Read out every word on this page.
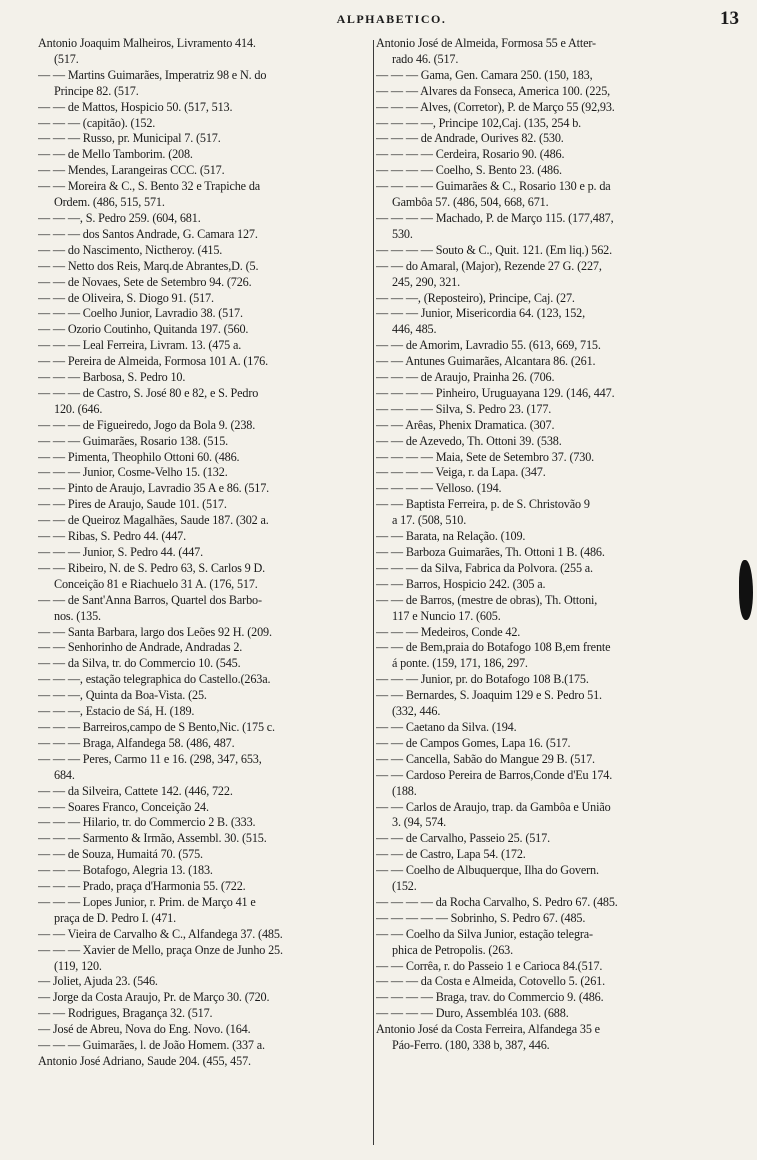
ALPHABETICO.	13
Antonio Joaquim Malheiros, Livramento 414.
(517.
— — Martins Guimarães, Imperatriz 98 e N. do
Principe 82. (517.
— — de Mattos, Hospicio 50. (517, 513.
— — — (capitão). (152.
— — — Russo, pr. Municipal 7. (517.
— — de Mello Tamborim. (208.
— — Mendes, Larangeiras CCC. (517.
— — Moreira & C., S. Bento 32 e Trapiche da
Ordem. (486, 515, 571.
— — —, S. Pedro 259. (604, 681.
— — — dos Santos Andrade, G. Camara 127.
— — do Nascimento, Nictheroy. (415.
— — Netto dos Reis, Marq.de Abrantes,D. (5.
— — de Novaes, Sete de Setembro 94. (726.
— — de Oliveira, S. Diogo 91. (517.
— — — Coelho Junior, Lavradio 38. (517.
— — Ozorio Coutinho, Quitanda 197. (560.
— — — Leal Ferreira, Livram. 13. (475 a.
— — Pereira de Almeida, Formosa 101 A. (176.
— — — Barbosa, S. Pedro 10.
— — — de Castro, S. José 80 e 82, e S. Pedro
120. (646.
— — — de Figueiredo, Jogo da Bola 9. (238.
— — — Guimarães, Rosario 138. (515.
— — Pimenta, Theophilo Ottoni 60. (486.
— — — Junior, Cosme-Velho 15. (132.
— — Pinto de Araujo, Lavradio 35 A e 86. (517.
— — Pires de Araujo, Saude 101. (517.
— — de Queiroz Magalhães, Saude 187. (302 a.
— — Ribas, S. Pedro 44. (447.
— — — Junior, S. Pedro 44. (447.
— — Ribeiro, N. de S. Pedro 63, S. Carlos 9 D.
Conceição 81 e Riachuelo 31 A. (176, 517.
— — de Sant'Anna Barros, Quartel dos Barbo-
nos. (135.
— — Santa Barbara, largo dos Leões 92 H. (209.
— — Senhorinho de Andrade, Andradas 2.
— — da Silva, tr. do Commercio 10. (545.
— — —, estação telegraphica do Castello.(263a.
— — —, Quinta da Boa-Vista. (25.
— — —, Estacio de Sá, H. (189.
— — — Barreiros,campo de S Bento,Nic. (175 c.
— — — Braga, Alfandega 58. (486, 487.
— — — Peres, Carmo 11 e 16. (298, 347, 653,
684.
— — da Silveira, Cattete 142. (446, 722.
— — Soares Franco, Conceição 24.
— — — Hilario, tr. do Commercio 2 B. (333.
— — — Sarmento & Irmão, Assembl. 30. (515.
— — de Souza, Humaitá 70. (575.
— — — Botafogo, Alegria 13. (183.
— — — Prado, praça d'Harmonia 55. (722.
— — — Lopes Junior, r. Prim. de Março 41 e
praça de D. Pedro I. (471.
— — Vieira de Carvalho & C., Alfandega 37. (485.
— — — Xavier de Mello, praça Onze de Junho 25.
(119, 120.
— Joliet, Ajuda 23. (546.
— Jorge da Costa Araujo, Pr. de Março 30. (720.
— — Rodrigues, Bragança 32. (517.
— José de Abreu, Nova do Eng. Novo. (164.
— — — Guimarães, l. de João Homem. (337 a.
Antonio José Adriano, Saude 204. (455, 457.
Antonio José de Almeida, Formosa 55 e Atter-
rado 46. (517.
— — — Gama, Gen. Camara 250. (150, 183,
— — — Alvares da Fonseca, America 100. (225,
— — — Alves, (Corretor), P. de Março 55 (92,93.
— — — —, Principe 102,Caj. (135, 254 b.
— — — de Andrade, Ourives 82. (530.
— — — — Cerdeira, Rosario 90. (486.
— — — — Coelho, S. Bento 23. (486.
— — — — Guimarães & C., Rosario 130 e p. da
Gambôa 57. (486, 504, 668, 671.
— — — — Machado, P. de Março 115. (177,487,
530.
— — — — Souto & C., Quit. 121. (Em liq.) 562.
— — do Amaral, (Major), Rezende 27 G. (227,
245, 290, 321.
— — —, (Reposteiro), Principe, Caj. (27.
— — — Junior, Misericordia 64. (123, 152,
446, 485.
— — de Amorim, Lavradio 55. (613, 669, 715.
— — Antunes Guimarães, Alcantara 86. (261.
— — — de Araujo, Prainha 26. (706.
— — — — Pinheiro, Uruguayana 129. (146, 447.
— — — — Silva, S. Pedro 23. (177.
— — Arêas, Phenix Dramatica. (307.
— — de Azevedo, Th. Ottoni 39. (538.
— — — — Maia, Sete de Setembro 37. (730.
— — — — Veiga, r. da Lapa. (347.
— — — — Velloso. (194.
— — Baptista Ferreira, p. de S. Christovão 9
a 17. (508, 510.
— — Barata, na Relação. (109.
— — Barboza Guimarães, Th. Ottoni 1 B. (486.
— — — da Silva, Fabrica da Polvora. (255 a.
— — Barros, Hospicio 242. (305 a.
— — de Barros, (mestre de obras), Th. Ottoni,
117 e Nuncio 17. (605.
— — — Medeiros, Conde 42.
— — de Bem,praia do Botafogo 108 B,em frente
á ponte. (159, 171, 186, 297.
— — — Junior, pr. do Botafogo 108 B.(175.
— — Bernardes, S. Joaquim 129 e S. Pedro 51.
(332, 446.
— — Caetano da Silva. (194.
— — de Campos Gomes, Lapa 16. (517.
— — Cancella, Sabão do Mangue 29 B. (517.
— — Cardoso Pereira de Barros,Conde d'Eu 174.
(188.
— — Carlos de Araujo, trap. da Gambôa e União
3. (94, 574.
— — de Carvalho, Passeio 25. (517.
— — de Castro, Lapa 54. (172.
— — Coelho de Albuquerque, Ilha do Govern.
(152.
— — — — da Rocha Carvalho, S. Pedro 67. (485.
— — — — — Sobrinho, S. Pedro 67. (485.
— — Coelho da Silva Junior, estação telegra-
phica de Petropolis. (263.
— — Corrêa, r. do Passeio 1 e Carioca 84.(517.
— — — da Costa e Almeida, Cotovello 5. (261.
— — — — Braga, trav. do Commercio 9. (486.
— — — — Duro, Assembléa 103. (688.
Antonio José da Costa Ferreira, Alfandega 35 e
Páo-Ferro. (180, 338 b, 387, 446.
